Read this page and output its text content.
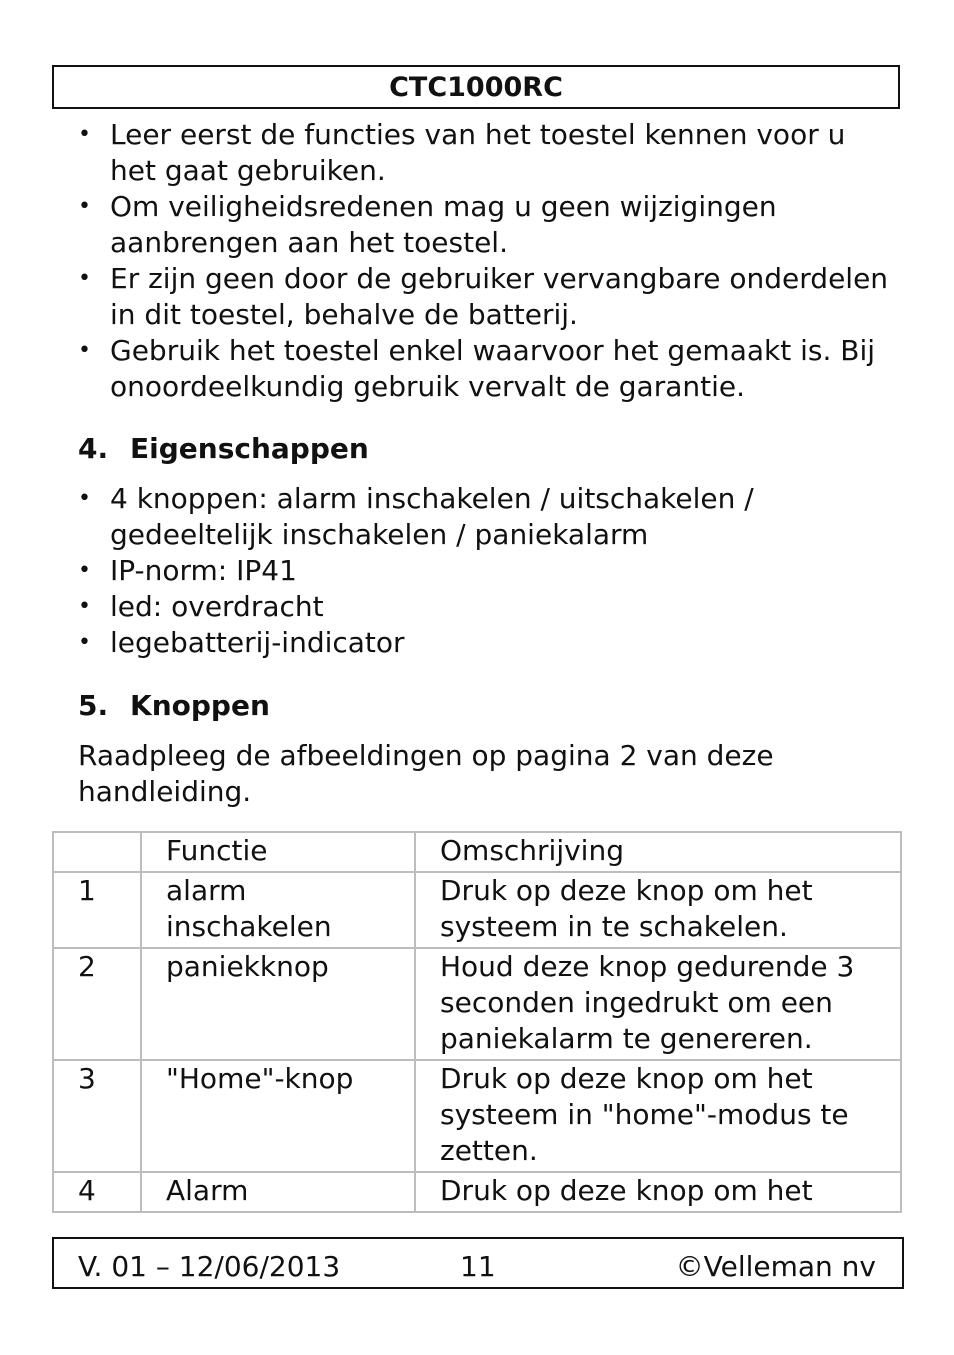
CTC1000RC
• Leer eerst de functies van het toestel kennen voor u het gaat gebruiken.
• Om veiligheidsredenen mag u geen wijzigingen aanbrengen aan het toestel.
• Er zijn geen door de gebruiker vervangbare onderdelen in dit toestel, behalve de batterij.
• Gebruik het toestel enkel waarvoor het gemaakt is. Bij onoordeelkundig gebruik vervalt de garantie.
4. Eigenschappen
• 4 knoppen: alarm inschakelen / uitschakelen / gedeeltelijk inschakelen / paniekalarm
• IP-norm: IP41
• led: overdracht
• legebatterij-indicator
5. Knoppen
Raadpleeg de afbeeldingen op pagina 2 van deze handleiding.
	Functie	Omschrijving
1	alarm inschakelen	Druk op deze knop om het systeem in te schakelen.
2	paniekknop	Houd deze knop gedurende 3 seconden ingedrukt om een paniekalarm te genereren.
3	"Home"-knop	Druk op deze knop om het systeem in "home"-modus te zetten.
4	Alarm	Druk op deze knop om het
V. 01 – 12/06/2013	11	©Velleman nv
